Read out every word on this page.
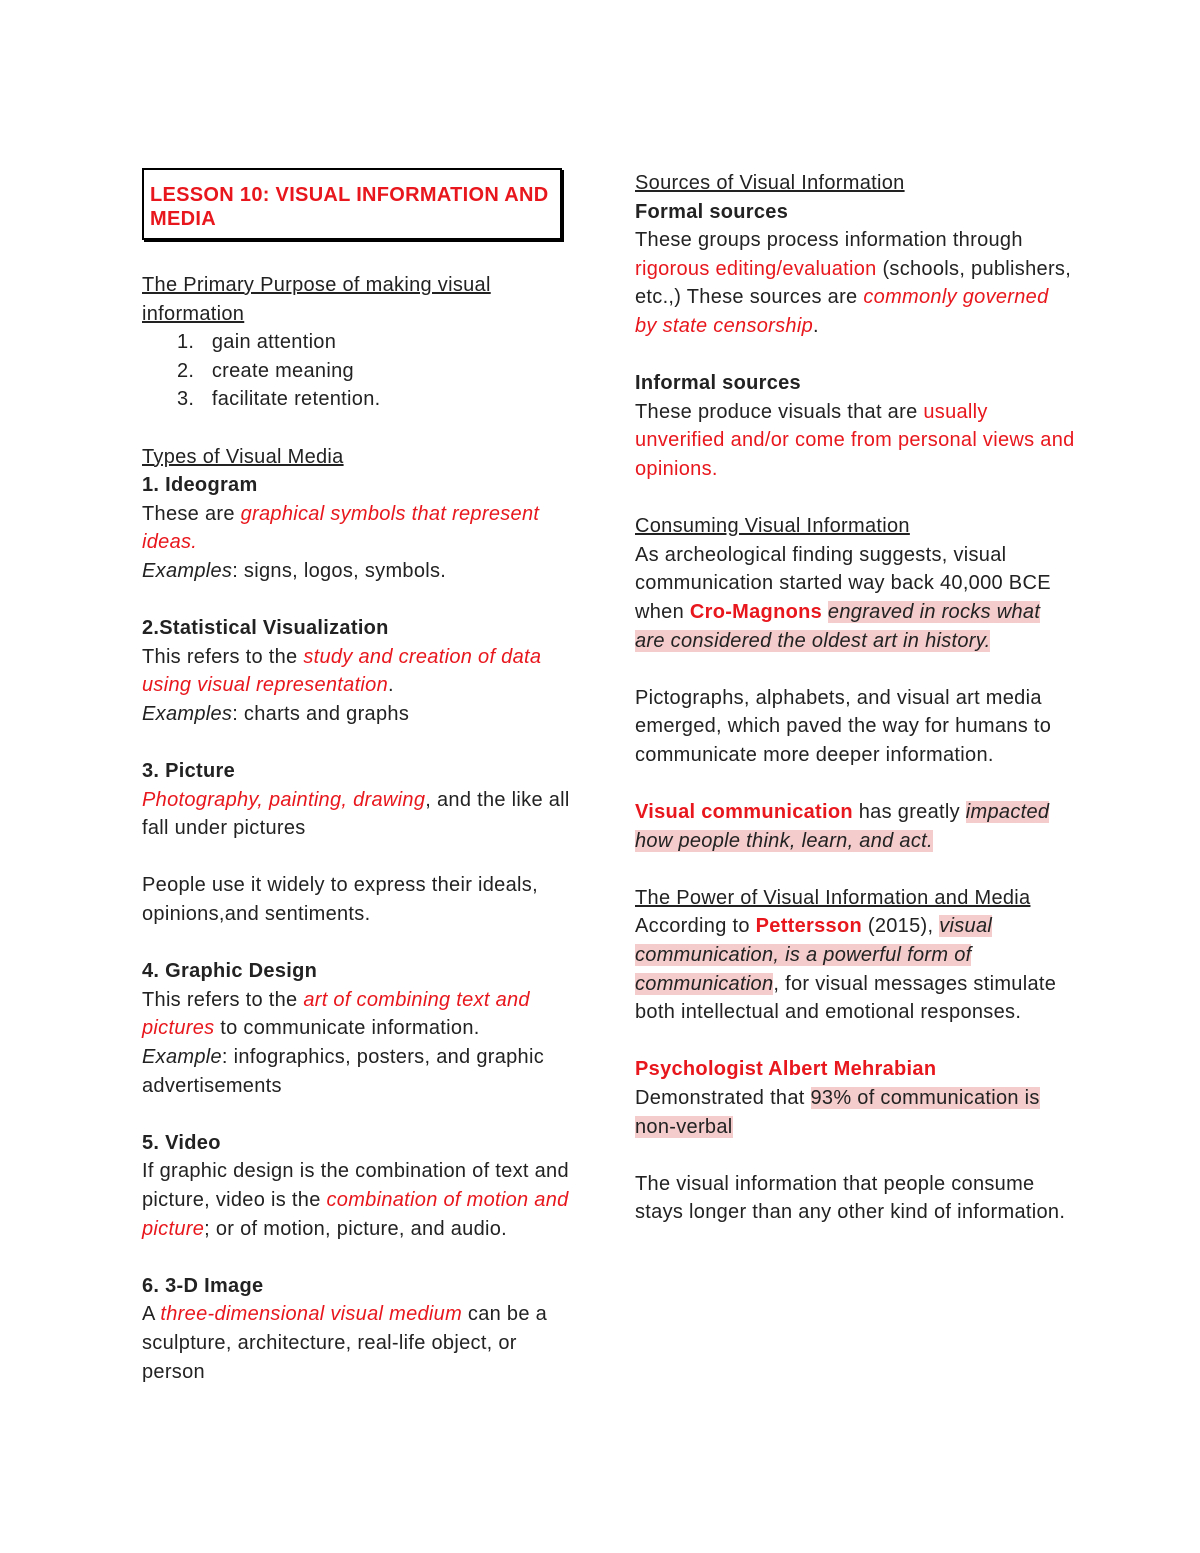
LESSON 10: VISUAL INFORMATION AND MEDIA

The Primary Purpose of making visual information

1. gain attention
2. create meaning
3. facilitate retention.

Types of Visual Media

1. Ideogram

These are graphical symbols that represent ideas.

Examples: signs, logos, symbols.

2.Statistical Visualization

This refers to the study and creation of data using visual representation.

Examples: charts and graphs

3. Picture

Photography, painting, drawing, and the like all fall under pictures

People use it widely to express their ideals, opinions,and sentiments.

4. Graphic Design

This refers to the art of combining text and pictures to communicate information.

Example: infographics, posters, and graphic advertisements

5. Video

If graphic design is the combination of text and picture, video is the combination of motion and picture; or of motion, picture, and audio.

6. 3-D Image

A three-dimensional visual medium can be a sculpture, architecture, real-life object, or person

Sources of Visual Information

Formal sources

These groups process information through rigorous editing/evaluation (schools, publishers, etc.,) These sources are commonly governed by state censorship.

Informal sources

These produce visuals that are usually unverified and/or come from personal views and opinions.

Consuming Visual Information

As archeological finding suggests, visual communication started way back 40,000 BCE when Cro-Magnons engraved in rocks what are considered the oldest art in history.

Pictographs, alphabets, and visual art media emerged, which paved the way for humans to communicate more deeper information.

Visual communication has greatly impacted how people think, learn, and act.

The Power of Visual Information and Media

According to Pettersson (2015), visual communication, is a powerful form of communication, for visual messages stimulate both intellectual and emotional responses.

Psychologist Albert Mehrabian

Demonstrated that 93% of communication is non-verbal

The visual information that people consume stays longer than any other kind of information.
